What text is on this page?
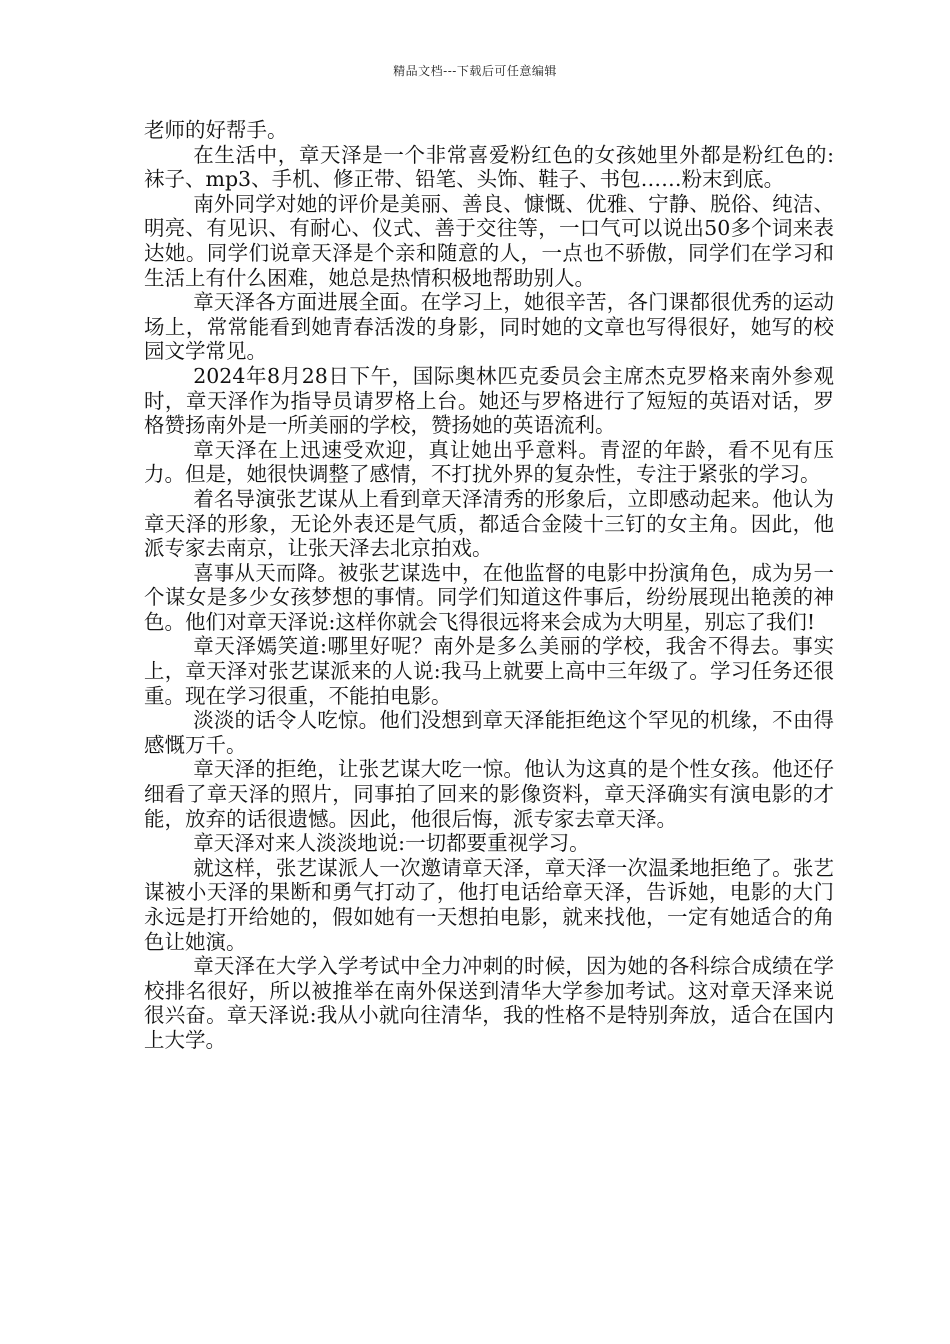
精品文档---下载后可任意编辑

老师的好帮手。

在生活中，章天泽是一个非常喜爱粉红色的女孩她里外都是粉红色的:袜子、mp3、手机、修正带、铅笔、头饰、鞋子、书包……粉末到底。

南外同学对她的评价是美丽、善良、慷慨、优雅、宁静、脱俗、纯洁、明亮、有见识、有耐心、仪式、善于交往等，一口气可以说出50多个词来表达她。同学们说章天泽是个亲和随意的人，一点也不骄傲，同学们在学习和生活上有什么困难，她总是热情积极地帮助别人。

章天泽各方面进展全面。在学习上，她很辛苦，各门课都很优秀的运动场上，常常能看到她青春活泼的身影，同时她的文章也写得很好，她写的校园文学常见。

2024年8月28日下午，国际奥林匹克委员会主席杰克罗格来南外参观时，章天泽作为指导员请罗格上台。她还与罗格进行了短短的英语对话，罗格赞扬南外是一所美丽的学校，赞扬她的英语流利。

章天泽在上迅速受欢迎，真让她出乎意料。青涩的年龄，看不见有压力。但是，她很快调整了感情，不打扰外界的复杂性，专注于紧张的学习。

着名导演张艺谋从上看到章天泽清秀的形象后，立即感动起来。他认为章天泽的形象，无论外表还是气质，都适合金陵十三钉的女主角。因此，他派专家去南京，让张天泽去北京拍戏。

喜事从天而降。被张艺谋选中，在他监督的电影中扮演角色，成为另一个谋女是多少女孩梦想的事情。同学们知道这件事后，纷纷展现出艳羡的神色。他们对章天泽说:这样你就会飞得很远将来会成为大明星，别忘了我们!

章天泽嫣笑道:哪里好呢？南外是多么美丽的学校，我舍不得去。事实上，章天泽对张艺谋派来的人说:我马上就要上高中三年级了。学习任务还很重。现在学习很重，不能拍电影。

淡淡的话令人吃惊。他们没想到章天泽能拒绝这个罕见的机缘，不由得感慨万千。

章天泽的拒绝，让张艺谋大吃一惊。他认为这真的是个性女孩。他还仔细看了章天泽的照片，同事拍了回来的影像资料，章天泽确实有演电影的才能，放弃的话很遗憾。因此，他很后悔，派专家去章天泽。

章天泽对来人淡淡地说:一切都要重视学习。

就这样，张艺谋派人一次邀请章天泽，章天泽一次温柔地拒绝了。张艺谋被小天泽的果断和勇气打动了，他打电话给章天泽，告诉她，电影的大门永远是打开给她的，假如她有一天想拍电影，就来找他，一定有她适合的角色让她演。

章天泽在大学入学考试中全力冲刺的时候，因为她的各科综合成绩在学校排名很好，所以被推举在南外保送到清华大学参加考试。这对章天泽来说很兴奋。章天泽说:我从小就向往清华，我的性格不是特别奔放，适合在国内上大学。
